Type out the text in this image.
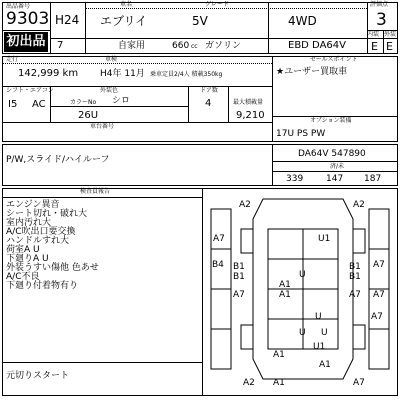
出品番号
9303
初出品
H24
車名
エブリイ
グレード
5V	4WD
評価点
3
7	自家用	660 cc ガソリン	EBD DA64V
内装 外装
E E
走行
142,999 km
車検
H4年 11月 乗車定員2/4人 積載350kg
シフト・エアコン
I5 AC
外装色
シロ
カラーNo
26U
ドア数
4	最大積載量
9,210
車台番号
セールスポイント
★ユーザー買取車
オプション装備
17U PS PW
P/W,スライド/ハイルーフ
DA64V 547890
済/未
339	147 187
検査員報告
エンジン異音
シート切れ・破れ大
室内汚れ大
A/C吹出口要交換
ハンドルすれ大
荷室A U
下廻りA U
外装うすい傷他 色あせ
A/C不良
下廻り付着物有り
元切りスタート
A2	A2
U1
A7
U
B4 B1
B1
A7
A1
A1
A7
A7
B1
B1
A7
A7
U
U U
U1
A1
A1
A2 A1	A7
